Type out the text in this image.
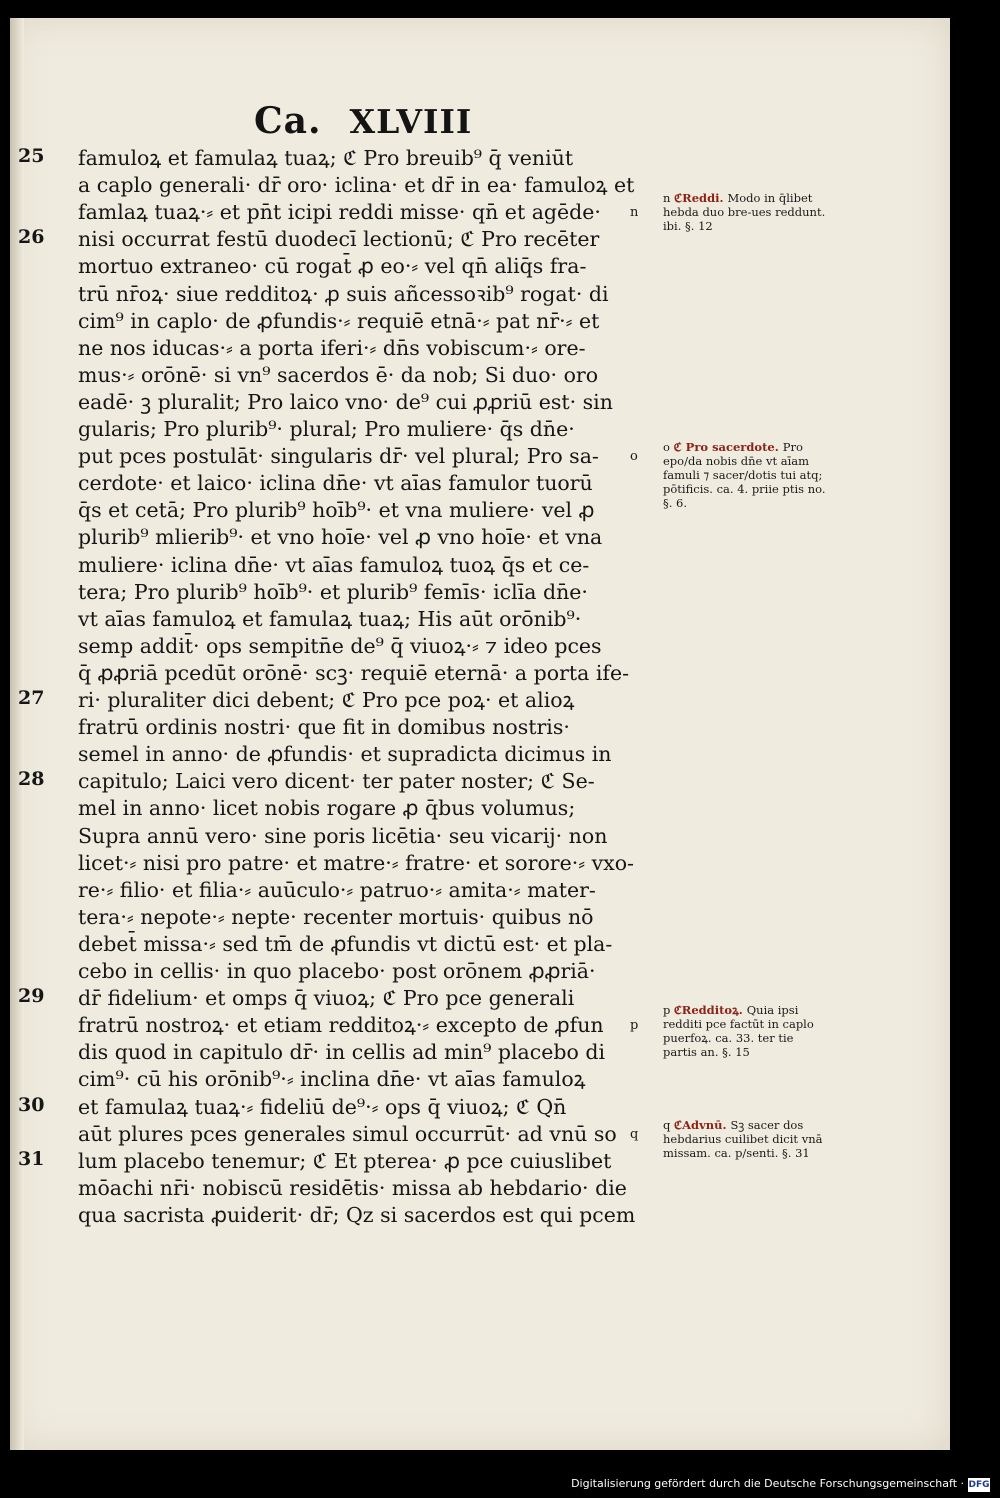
Ca. XLVIII
famuloꝝ et famulaꝝ tuaꝝ; ℭ Pro breuib⁹ q̄ veniūt
a caplo generali· dr̄ oro· iclina· et dr̄ in ea· famuloꝝ et
famlaꝝ tuaꝝ·⸗ et pn̄t icipi reddi misse· qn̄ et agēde·
nisi occurrat festū duodecī lectionū; ℭ Pro recēter
mortuo extraneo· cū rogat̄ ꝓ eo·⸗ vel qn̄ aliq̄s fra-
trū nr̄oꝝ· siue redditoꝝ· ꝓ suis añcessoꝛib⁹ rogat· di
cim⁹ in caplo· de ꝓfundis·⸗ requiē etnā·⸗ pat nr̄·⸗ et
ne nos iducas·⸗ a porta iferi·⸗ dn̄s vobiscum·⸗ ore-
mus·⸗ orōnē· si vn⁹ sacerdos ē· da nob; Si duo· oro
eadē· ꝫ pluralit; Pro laico vno· de⁹ cui ꝓꝓriū est· sin
gularis; Pro plurib⁹· plural; Pro muliere· q̄s dn̄e·
put pces postulāt· singularis dr̄· vel plural; Pro sa-
cerdote· et laico· iclina dn̄e· vt aīas famulor tuorū
q̄s et cetā; Pro plurib⁹ hoīb⁹· et vna muliere· vel ꝓ
plurib⁹ mlierib⁹· et vno hoīe· vel ꝓ vno hoīe· et vna
muliere· iclina dn̄e· vt aīas famuloꝝ tuoꝝ q̄s et ce-
tera; Pro plurib⁹ hoīb⁹· et plurib⁹ femīs· iclīa dn̄e·
vt aīas famuloꝝ et famulaꝝ tuaꝝ; His aūt orōnib⁹·
semp addit̄· ops sempitn̄e de⁹ q̄ viuoꝝ·⸗ ⁊ ideo pces
q̄ ꝓꝓriā pcedūt orōnē· scꝫ· requiē eternā· a porta ife-
ri· pluraliter dici debent; ℭ Pro pce poꝝ· et alioꝝ
fratrū ordinis nostri· que fit in domibus nostris·
semel in anno· de ꝓfundis· et supradicta dicimus in
capitulo; Laici vero dicent· ter pater noster; ℭ Se-
mel in anno· licet nobis rogare ꝓ q̄bus volumus;
Supra annū vero· sine poris licētia· seu vicarij· non
licet·⸗ nisi pro patre· et matre·⸗ fratre· et sorore·⸗ vxo-
re·⸗ filio· et filia·⸗ auūculo·⸗ patruo·⸗ amita·⸗ mater-
tera·⸗ nepote·⸗ nepte· recenter mortuis· quibus nō
debet̄ missa·⸗ sed tm̄ de ꝓfundis vt dictū est· et pla-
cebo in cellis· in quo placebo· post orōnem ꝓꝓriā·
dr̄ fidelium· et omps q̄ viuoꝝ; ℭ Pro pce generali
fratrū nostroꝝ· et etiam redditoꝝ·⸗ excepto de ꝓfun
dis quod in capitulo dr̄· in cellis ad min⁹ placebo di
cim⁹· cū his orōnib⁹·⸗ inclina dn̄e· vt aīas famuloꝝ
et famulaꝝ tuaꝝ·⸗ fideliū de⁹·⸗ ops q̄ viuoꝝ; ℭ Qn̄
aūt plures pces generales simul occurrūt· ad vnū so
lum placebo tenemur; ℭ Et pterea· ꝓ pce cuiuslibet
mōachi nr̄i· nobiscū residētis· missa ab hebdario· die
qua sacrista ꝓuiderit· dr̄; Qz si sacerdos est qui pcem
25
26
27
28
29
30
31
n
o
p
q
n ℭReddi. Modo in q̄libet hebda duo bre-ues reddunt. ibi. §. 12
o ℭ Pro sacerdote. Pro epo/da nobis dn̄e vt aīam famuli ⁊ sacer/dotis tui atq; pōtificis. ca. 4. priie ptis no. §. 6.
p ℭRedditoꝝ. Quia ipsi redditi pce factūt in caplo puerfoꝝ. ca. 33. ter tie partis an. §. 15
q ℭAdvnū. Sꝫ sacer dos hebdarius cuilibet dicit vnā missam. ca. p/senti. §. 31
Digitalisierung gefördert durch die Deutsche Forschungsgemeinschaft · DFG
